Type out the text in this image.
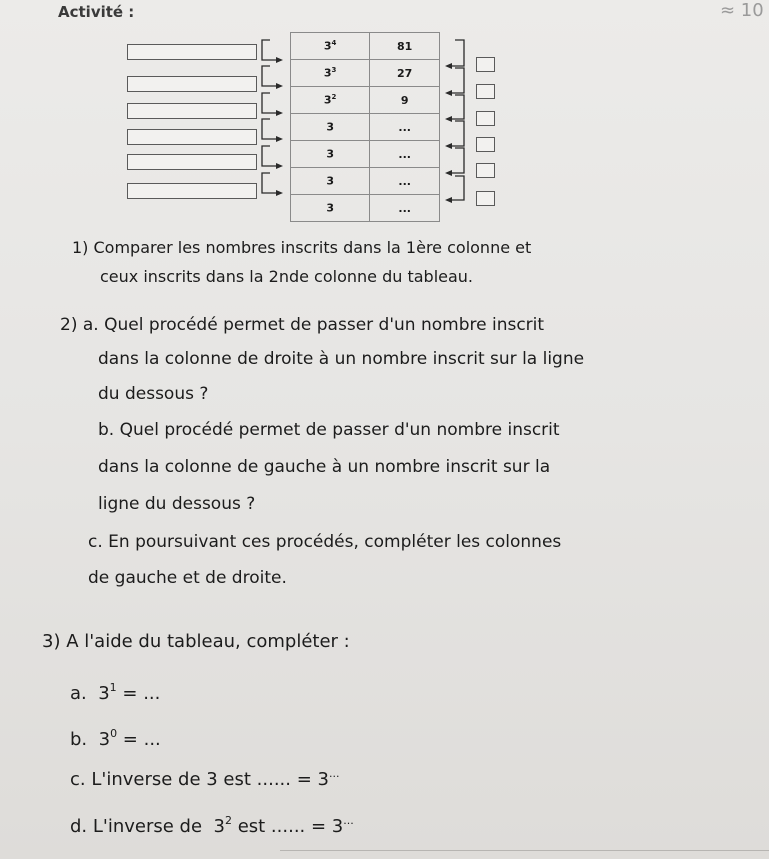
Activité :	≈ 10
$3^4$	81
$3^3$	27
$3^2$	9
3	...
3	...
3	...
3	...
1) Comparer les nombres inscrits dans la 1ère colonne et
ceux inscrits dans la 2nde colonne du tableau.
2) a. Quel procédé permet de passer d'un nombre inscrit
dans la colonne de droite à un nombre inscrit sur la ligne
du dessous ?
b. Quel procédé permet de passer d'un nombre inscrit
dans la colonne de gauche à un nombre inscrit sur la
ligne du dessous ?
c. En poursuivant ces procédés, compléter les colonnes
de gauche et de droite.
3) A l'aide du tableau, compléter :
a. $3^1$ = ...
b. $3^0$ = ...
c. L'inverse de 3 est ...... = 3...
d. L'inverse de $3^2$ est ...... = 3...
